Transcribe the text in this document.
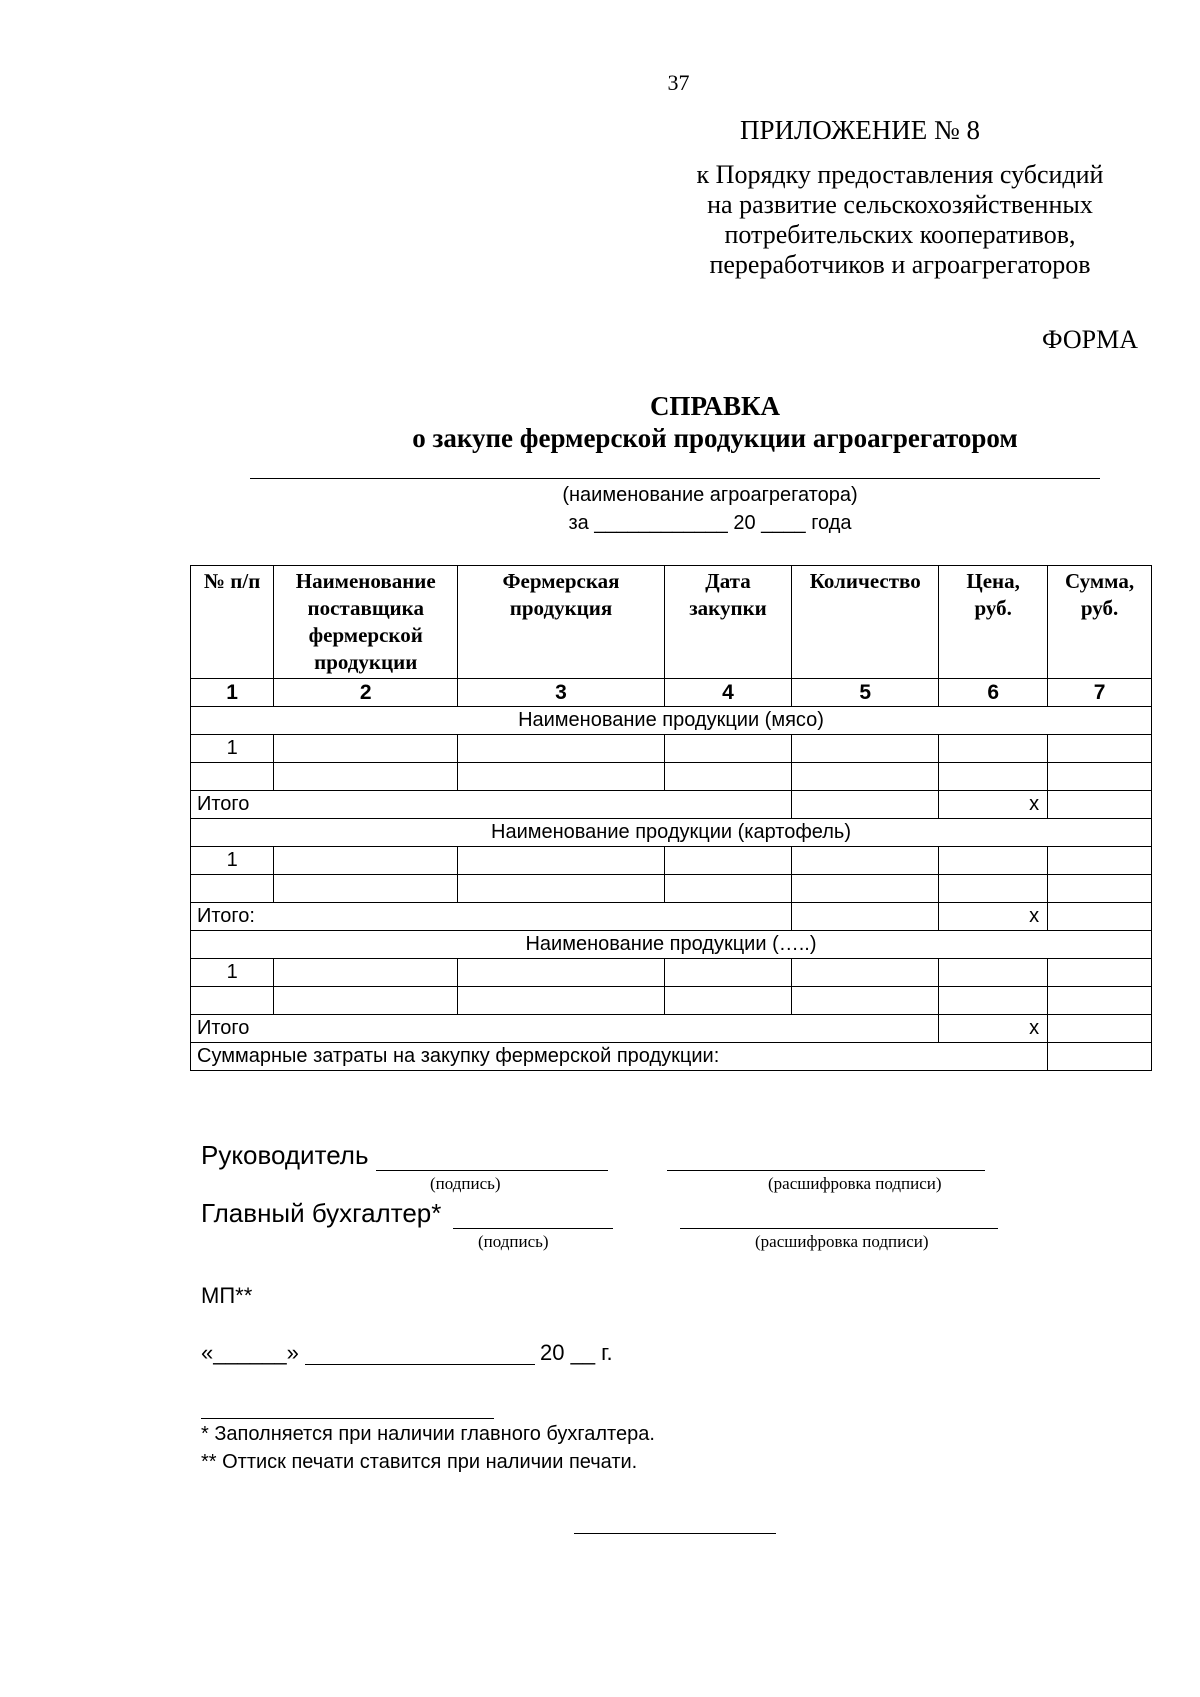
37
ПРИЛОЖЕНИЕ № 8
к Порядку предоставления субсидий
на развитие сельскохозяйственных
потребительских кооперативов,
переработчиков и агроагрегаторов
ФОРМА
СПРАВКА
о закупе фермерской продукции агроагрегатором
(наименование агроагрегатора)
за ____________ 20 ____ года
№ п/п	Наименование поставщика фермерской продукции	Фермерская продукция	Дата закупки	Количество	Цена, руб.	Сумма, руб.
1	2	3	4	5	6	7
Наименование продукции (мясо)						
1						

Итого					х	
Наименование продукции (картофель)						
1						

Итого:					х	
Наименование продукции (…..)						
1						

Итого					х	
Суммарные затраты на закупку фермерской продукции:						
Руководитель
(подпись)	(расшифровка подписи)
Главный бухгалтер*
(подпись)	(расшифровка подписи)
МП**
«______»	20 __ г.
* Заполняется при наличии главного бухгалтера.
** Оттиск печати ставится при наличии печати.
